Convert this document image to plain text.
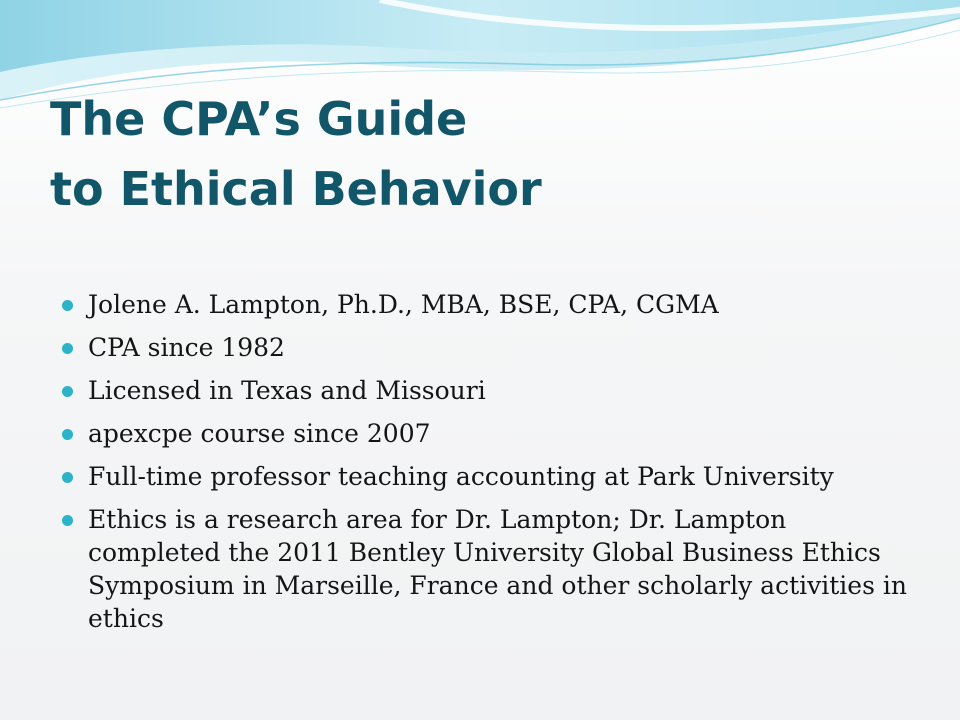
The CPA’s Guide
to Ethical Behavior
Jolene A. Lampton, Ph.D., MBA, BSE, CPA, CGMA
CPA since 1982
Licensed in Texas and Missouri
apexcpe course since 2007
Full-time professor teaching accounting at Park University
Ethics is a research area for Dr. Lampton; Dr. Lampton completed the 2011 Bentley University Global Business Ethics Symposium in Marseille, France and other scholarly activities in ethics
